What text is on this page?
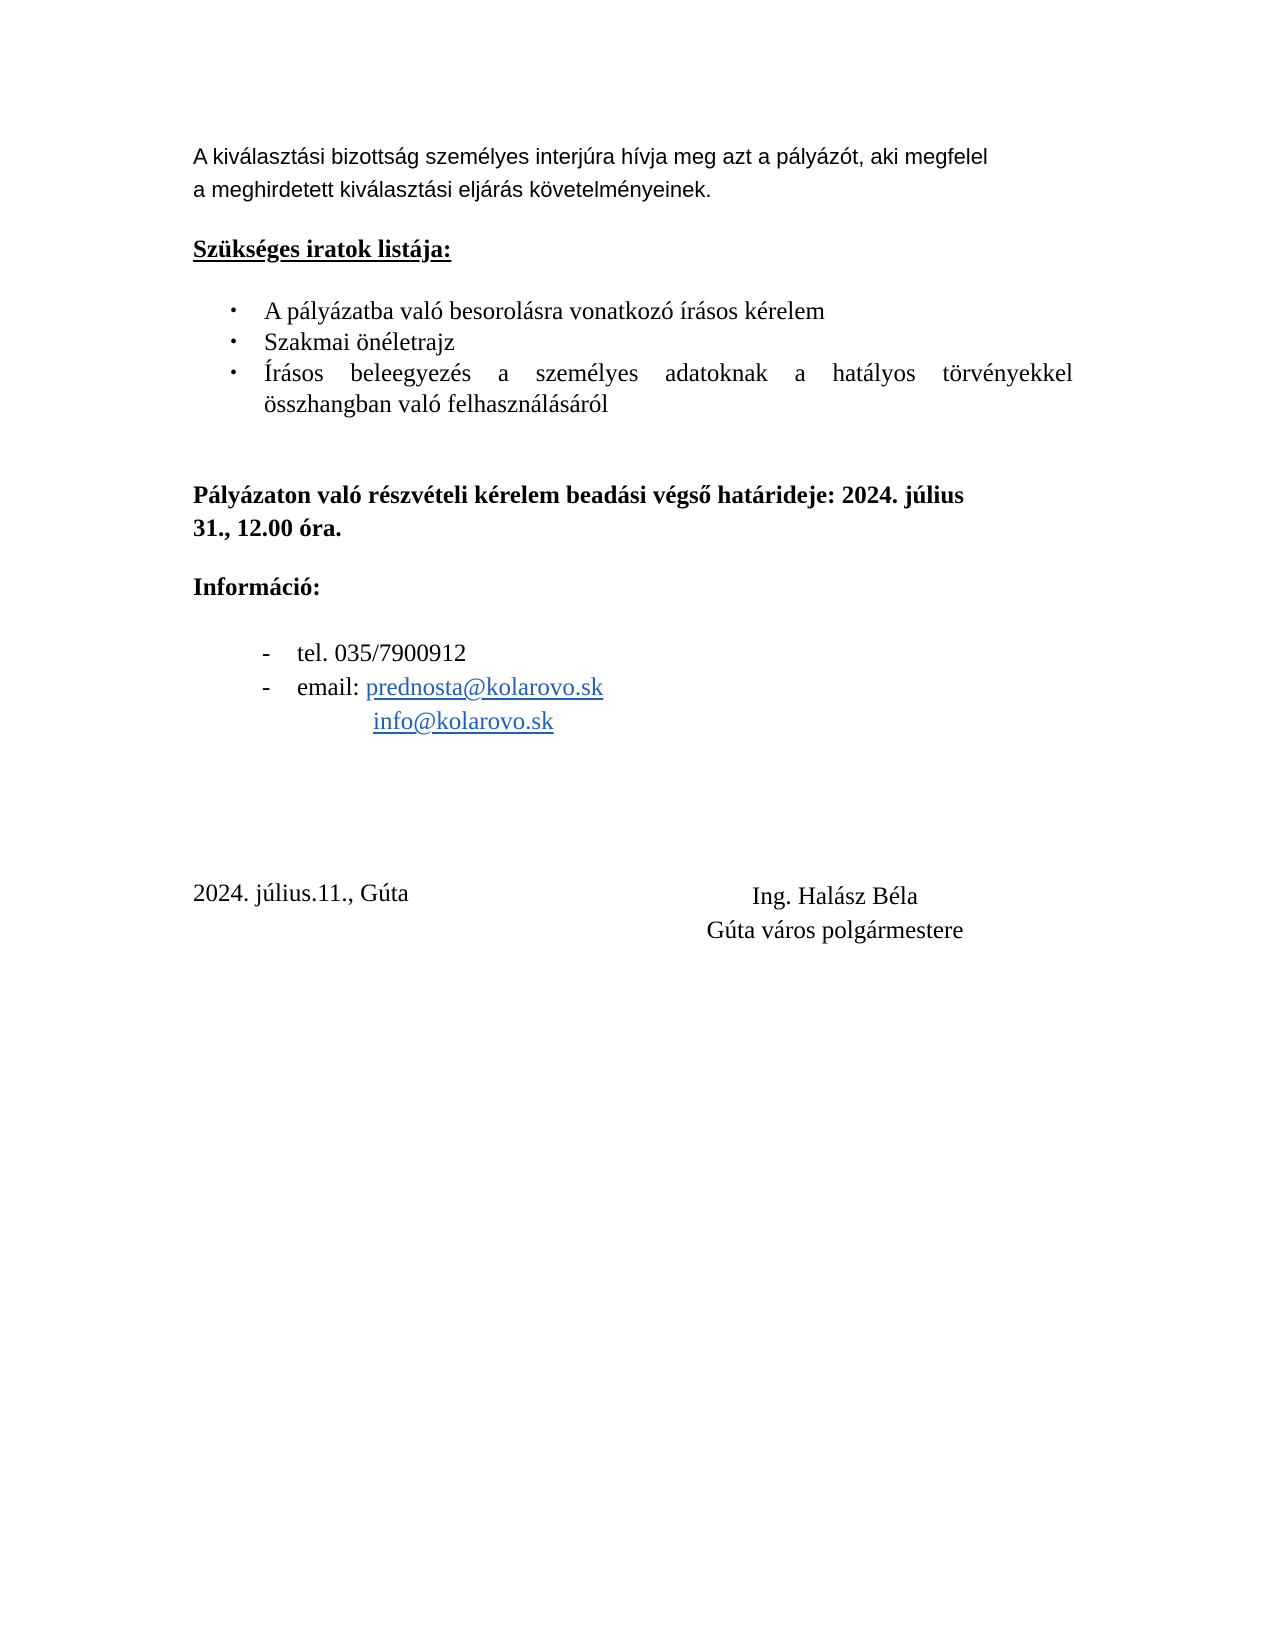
A kiválasztási bizottság személyes interjúra hívja meg azt a pályázót, aki megfelel

a meghirdetett kiválasztási eljárás követelményeinek.

Szükséges iratok listája:
• A pályázatba való besorolásra vonatkozó írásos kérelem
• Szakmai önéletrajz
• Írásos beleegyezés a személyes adatoknak a hatályos törvényekkel
összhangban való felhasználásáról
Pályázaton való részvételi kérelem beadási végső határideje: 2024. július
31., 12.00 óra.
Információ:
- tel. 035/7900912
- email: prednosta@kolarovo.sk
info@kolarovo.sk
2024. július.11., Gúta	Ing. Halász Béla
Gúta város polgármestere
